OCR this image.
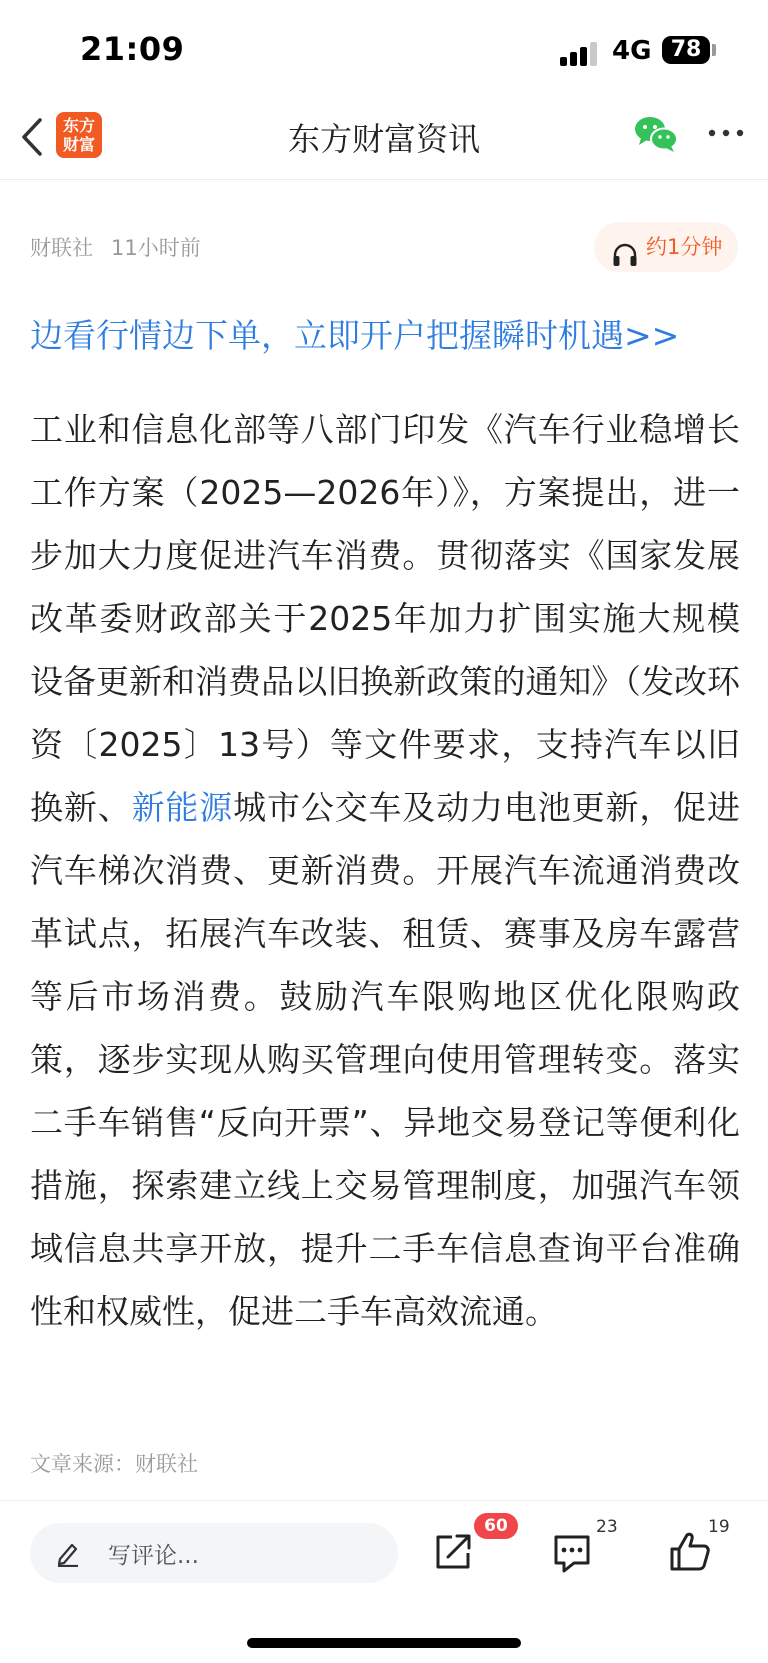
21:09	4G 78
东方财富	东方财富资讯
财联社 11小时前	约1分钟
边看行情边下单，立即开户把握瞬时机遇>>
工业和信息化部等八部门印发《汽车行业稳增长工作方案（2025—2026年）》，方案提出，进一步加大力度促进汽车消费。贯彻落实《国家发展改革委财政部关于2025年加力扩围实施大规模设备更新和消费品以旧换新政策的通知》（发改环资〔2025〕13号）等文件要求，支持汽车以旧换新、新能源城市公交车及动力电池更新，促进汽车梯次消费、更新消费。开展汽车流通消费改革试点，拓展汽车改装、租赁、赛事及房车露营等后市场消费。鼓励汽车限购地区优化限购政策，逐步实现从购买管理向使用管理转变。落实二手车销售“反向开票”、异地交易登记等便利化措施，探索建立线上交易管理制度，加强汽车领域信息共享开放，提升二手车信息查询平台准确性和权威性，促进二手车高效流通。
文章来源：财联社
写评论...
60	23	19
